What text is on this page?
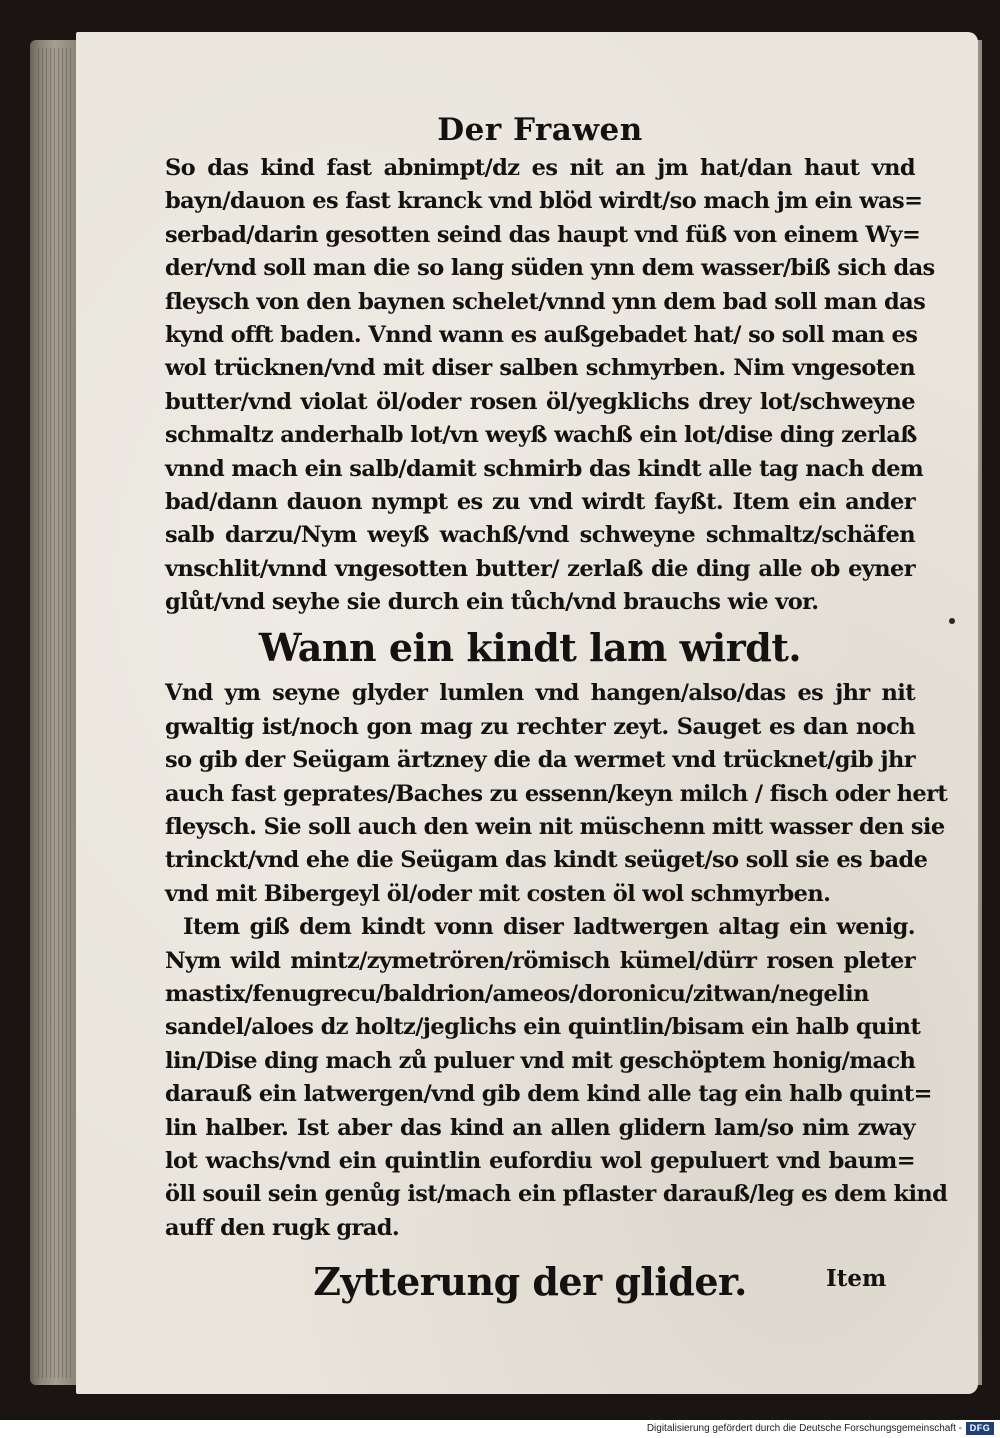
Der Frawen
So das kind fast abnimpt/dz es nit an jm hat/dan haut vnd
bayn/dauon es fast kranck vnd blöd wirdt/so mach jm ein was=
serbad/darin gesotten seind das haupt vnd füß von einem Wy=
der/vnd soll man die so lang süden ynn dem wasser/biß sich das
fleysch von den baynen schelet/vnnd ynn dem bad soll man das
kynd offt baden. Vnnd wann es außgebadet hat/ so soll man es
wol trücknen/vnd mit diser salben schmyrben. Nim vngesoten
butter/vnd violat öl/oder rosen öl/yegklichs drey lot/schweyne
schmaltz anderhalb lot/vn weyß wachß ein lot/dise ding zerlaß
vnnd mach ein salb/damit schmirb das kindt alle tag nach dem
bad/dann dauon nympt es zu vnd wirdt fayßt. Item ein ander
salb darzu/Nym weyß wachß/vnd schweyne schmaltz/schäfen
vnschlit/vnnd vngesotten butter/ zerlaß die ding alle ob eyner
glůt/vnd seyhe sie durch ein tůch/vnd brauchs wie vor.
Wann ein kindt lam wirdt.
Vnd ym seyne glyder lumlen vnd hangen/also/das es jhr nit
gwaltig ist/noch gon mag zu rechter zeyt. Sauget es dan noch
so gib der Seügam ärtzney die da wermet vnd trücknet/gib jhr
auch fast geprates/Baches zu essenn/keyn milch / fisch oder hert
fleysch. Sie soll auch den wein nit müschenn mitt wasser den sie
trinckt/vnd ehe die Seügam das kindt seüget/so soll sie es bade
vnd mit Bibergeyl öl/oder mit costen öl wol schmyrben.
Item giß dem kindt vonn diser ladtwergen altag ein wenig.
Nym wild mintz/zymetrören/römisch kümel/dürr rosen pleter
mastix/fenugrecu/baldrion/ameos/doronicu/zitwan/negelin
sandel/aloes dz holtz/jeglichs ein quintlin/bisam ein halb quint
lin/Dise ding mach zů puluer vnd mit geschöptem honig/mach
darauß ein latwergen/vnd gib dem kind alle tag ein halb quint=
lin halber. Ist aber das kind an allen glidern lam/so nim zway
lot wachs/vnd ein quintlin eufordiu wol gepuluert vnd baum=
öll souil sein genůg ist/mach ein pflaster darauß/leg es dem kind
auff den rugk grad.
Zytterung der glider.	Item
Digitalisierung gefördert durch die Deutsche Forschungsgemeinschaft - DFG
